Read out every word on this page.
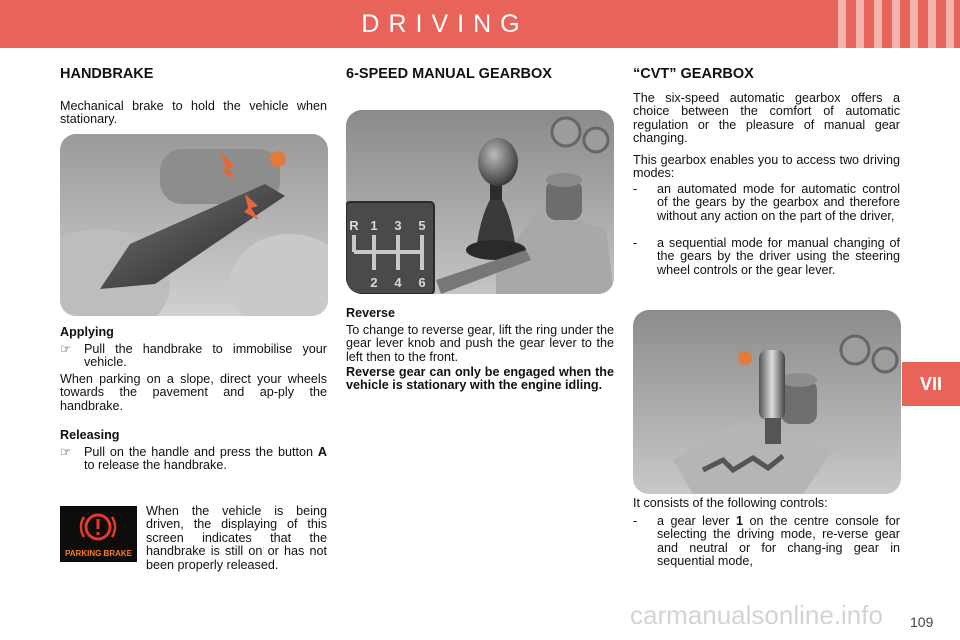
DRIVING
VII
HANDBRAKE

Mechanical brake to hold the vehicle when stationary.

Applying
☞ Pull the handbrake to immobilise your vehicle.

When parking on a slope, direct your wheels towards the pavement and ap-ply the handbrake.

Releasing
☞ Pull on the handle and press the button A to release the handbrake.
PARKING BRAKE

When the vehicle is being driven, the displaying of this screen indicates that the handbrake is still on or has not been properly released.

6-SPEED MANUAL GEARBOX
R 1 3 5
2 4 6
Reverse

To change to reverse gear, lift the ring under the gear lever knob and push the gear lever to the left then to the front.

Reverse gear can only be engaged when the vehicle is stationary with the engine idling.

“CVT” GEARBOX

The six-speed automatic gearbox offers a choice between the comfort of automatic regulation or the pleasure of manual gear changing.

This gearbox enables you to access two driving modes:

- an automated mode for automatic control of the gears by the gearbox and therefore without any action on the part of the driver,
- a sequential mode for manual changing of the gears by the driver using the steering wheel controls or the gear lever.

It consists of the following controls:

- a gear lever 1 on the centre console for selecting the driving mode, re-verse gear and neutral or for chang-ing gear in sequential mode,
carmanualsonline.info 109
